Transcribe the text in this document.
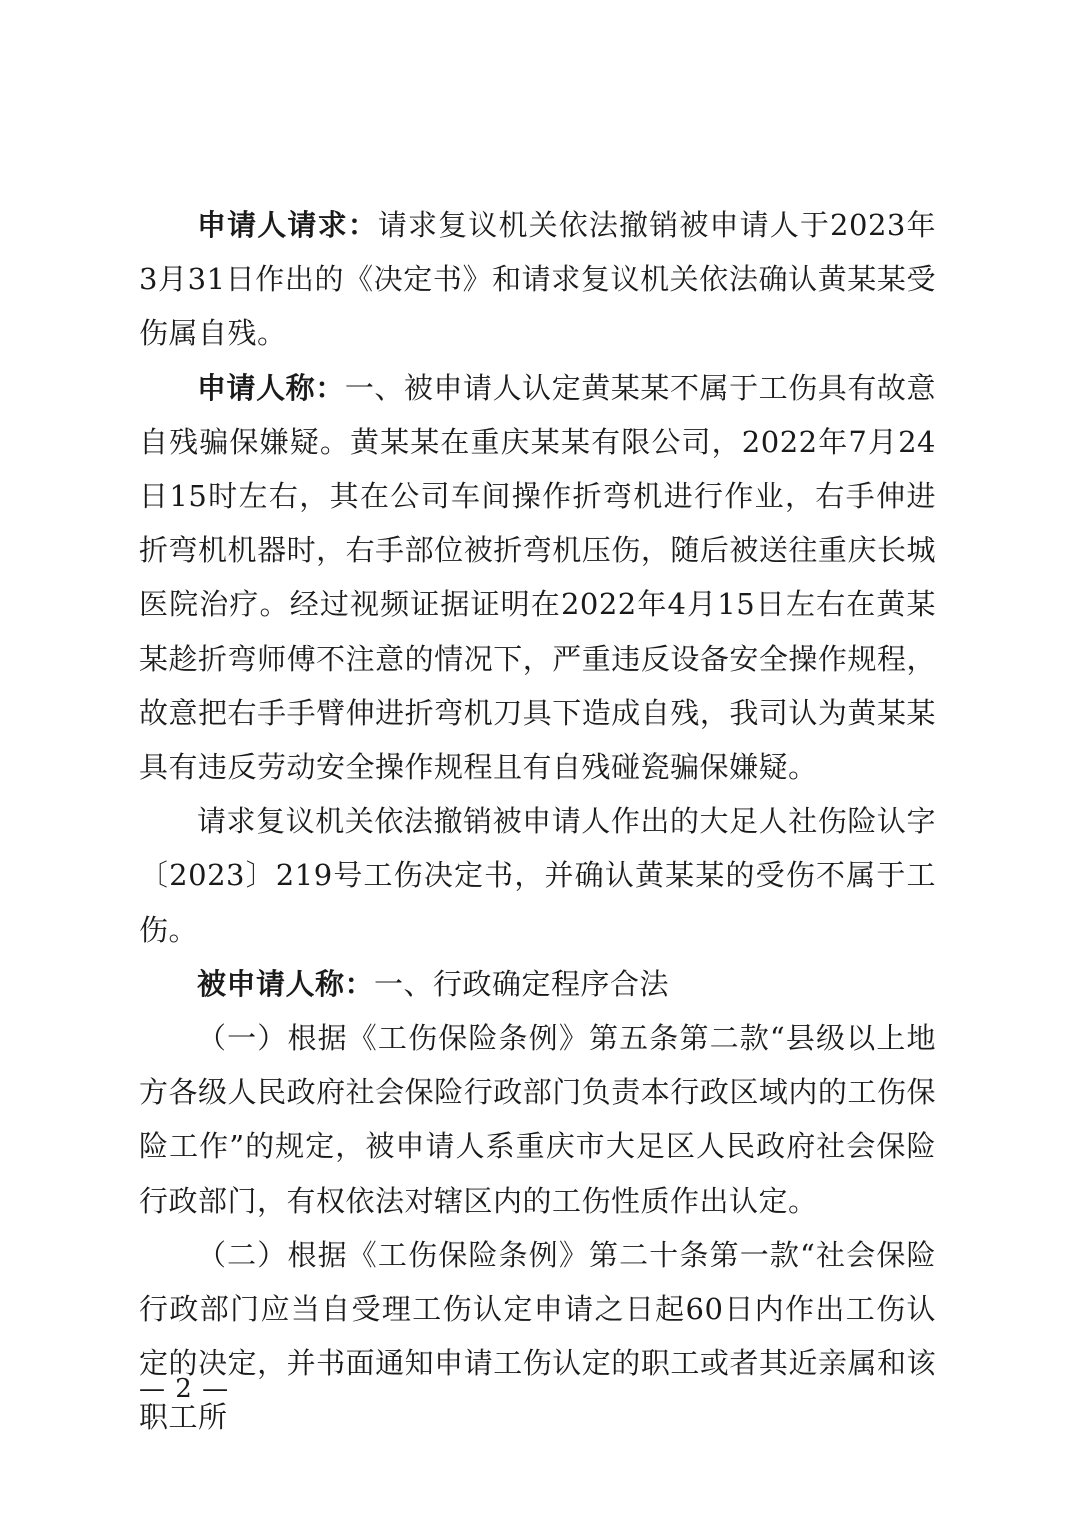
申请人请求：请求复议机关依法撤销被申请人于2023年3月31日作出的《决定书》和请求复议机关依法确认黄某某受伤属自残。

申请人称：一、被申请人认定黄某某不属于工伤具有故意自残骗保嫌疑。黄某某在重庆某某有限公司，2022年7月24日15时左右，其在公司车间操作折弯机进行作业，右手伸进折弯机机器时，右手部位被折弯机压伤，随后被送往重庆长城医院治疗。经过视频证据证明在2022年4月15日左右在黄某某趁折弯师傅不注意的情况下，严重违反设备安全操作规程，故意把右手手臂伸进折弯机刀具下造成自残，我司认为黄某某具有违反劳动安全操作规程且有自残碰瓷骗保嫌疑。

请求复议机关依法撤销被申请人作出的大足人社伤险认字〔2023〕219号工伤决定书，并确认黄某某的受伤不属于工伤。

被申请人称：一、行政确定程序合法

（一）根据《工伤保险条例》第五条第二款“县级以上地方各级人民政府社会保险行政部门负责本行政区域内的工伤保险工作”的规定，被申请人系重庆市大足区人民政府社会保险行政部门，有权依法对辖区内的工伤性质作出认定。

（二）根据《工伤保险条例》第二十条第一款“社会保险行政部门应当自受理工伤认定申请之日起60日内作出工伤认定的决定，并书面通知申请工伤认定的职工或者其近亲属和该职工所

— 2 —
